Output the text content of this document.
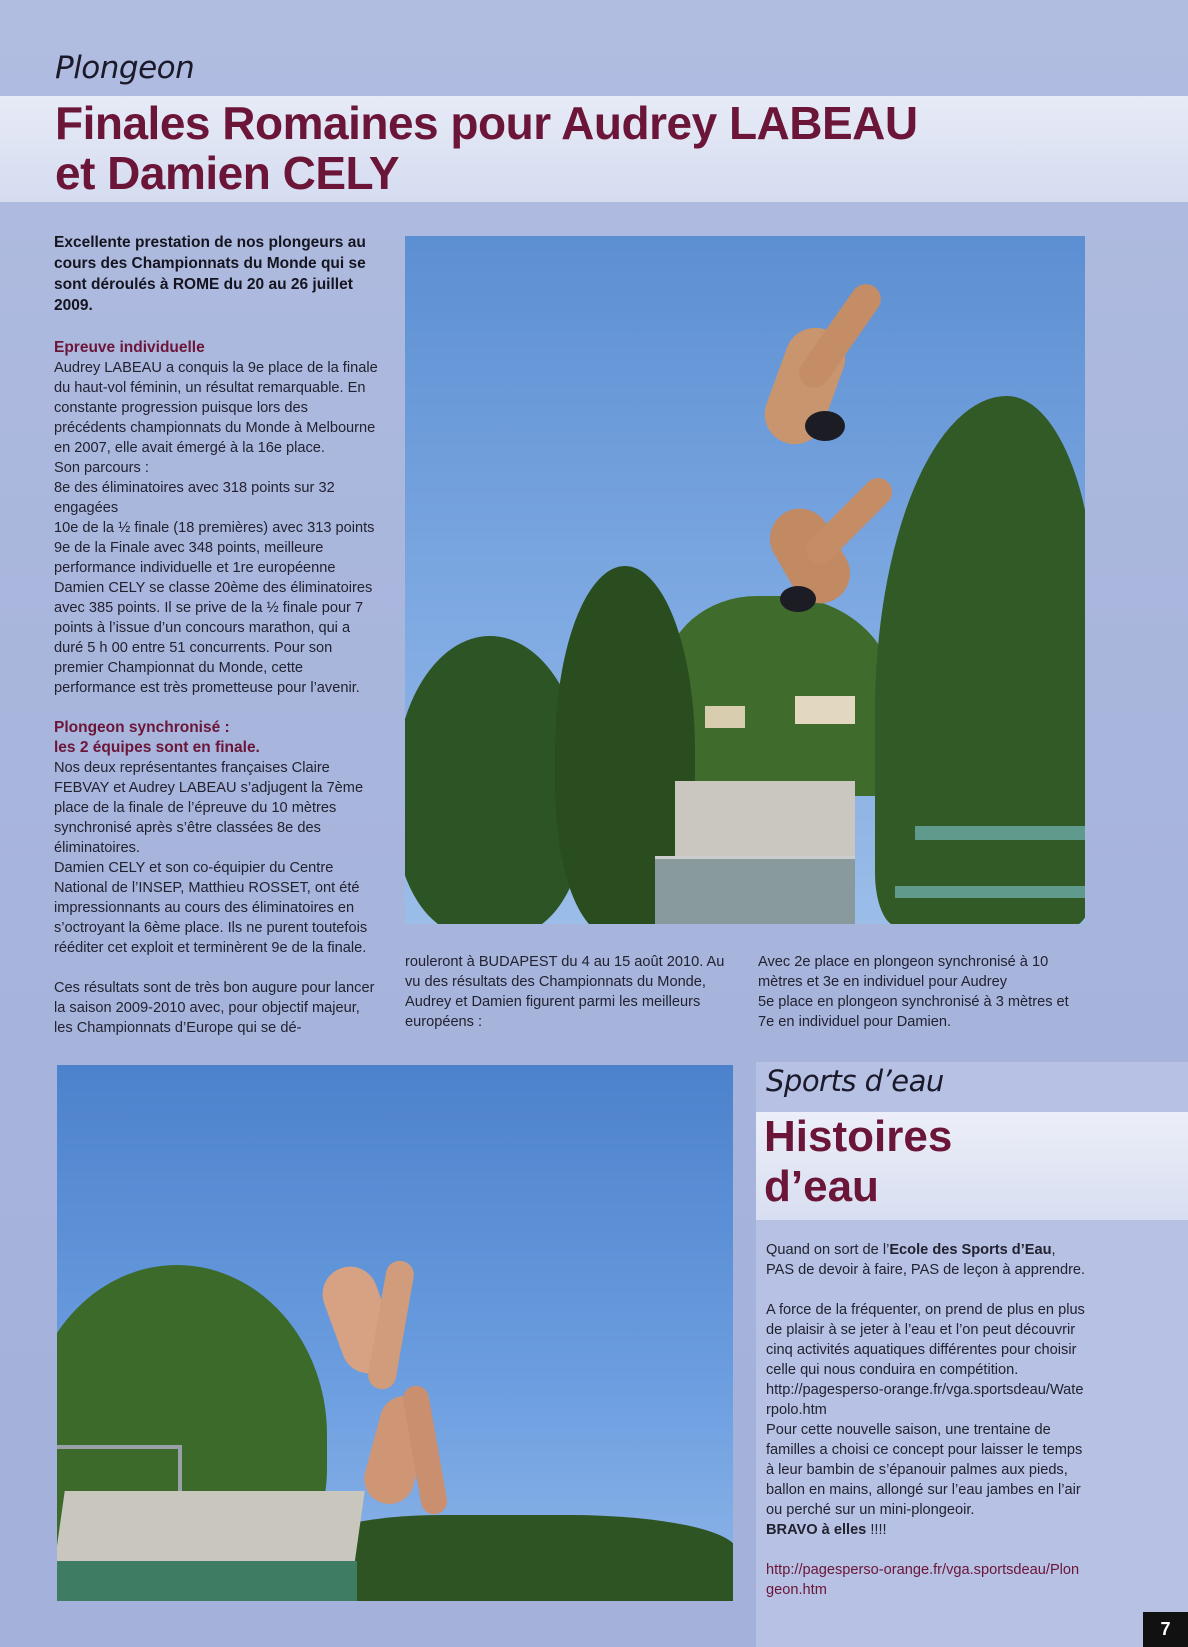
Plongeon
Finales Romaines pour Audrey LABEAU
et Damien CELY

Excellente prestation de nos plongeurs au cours des Championnats du Monde qui se sont déroulés à ROME du 20 au 26 juillet 2009.

Epreuve individuelle

Audrey LABEAU a conquis la 9e place de la finale du haut-vol féminin, un résultat remarquable. En constante progression puisque lors des précédents championnats du Monde à Melbourne en 2007, elle avait émergé à la 16e place.

Son parcours :

8e des éliminatoires avec 318 points sur 32 engagées

10e de la ½ finale (18 premières) avec 313 points

9e de la Finale avec 348 points, meilleure performance individuelle et 1re européenne

Damien CELY se classe 20ème des éliminatoires avec 385 points. Il se prive de la ½ finale pour 7 points à l’issue d’un concours marathon, qui a duré 5 h 00 entre 51 concurrents. Pour son premier Championnat du Monde, cette performance est très prometteuse pour l’avenir.

Plongeon synchronisé :
les 2 équipes sont en finale.

Nos deux représentantes françaises Claire FEBVAY et Audrey LABEAU s’adjugent la 7ème place de la finale de l’épreuve du 10 mètres synchronisé après s’être classées 8e des éliminatoires.

Damien CELY et son co-équipier du Centre National de l’INSEP, Matthieu ROSSET, ont été impressionnants au cours des éliminatoires en s’octroyant la 6ème place. Ils ne purent toutefois rééditer cet exploit et terminèrent 9e de la finale.

Ces résultats sont de très bon augure pour lancer la saison 2009-2010 avec, pour objectif majeur, les Championnats d’Europe qui se dé-

rouleront à BUDAPEST du 4 au 15 août 2010. Au vu des résultats des Championnats du Monde, Audrey et Damien figurent parmi les meilleurs européens :

Avec 2e place en plongeon synchronisé à 10 mètres et 3e en individuel pour Audrey

5e place en plongeon synchronisé à 3 mètres et 7e en individuel pour Damien.

Sports d’eau
Histoires
d’eau

Quand on sort de l’Ecole des Sports d’Eau, PAS de devoir à faire, PAS de leçon à apprendre.

A force de la fréquenter, on prend de plus en plus de plaisir à se jeter à l’eau et l’on peut découvrir cinq activités aquatiques différentes pour choisir celle qui nous conduira en compétition.

http://pagesperso-orange.fr/vga.sportsdeau/Waterpolo.htm

Pour cette nouvelle saison, une trentaine de familles a choisi ce concept pour laisser le temps à leur bambin de s’épanouir palmes aux pieds, ballon en mains, allongé sur l’eau jambes en l’air ou perché sur un mini-plongeoir.

BRAVO à elles !!!!

http://pagesperso-orange.fr/vga.sportsdeau/Plongeon.htm

7
